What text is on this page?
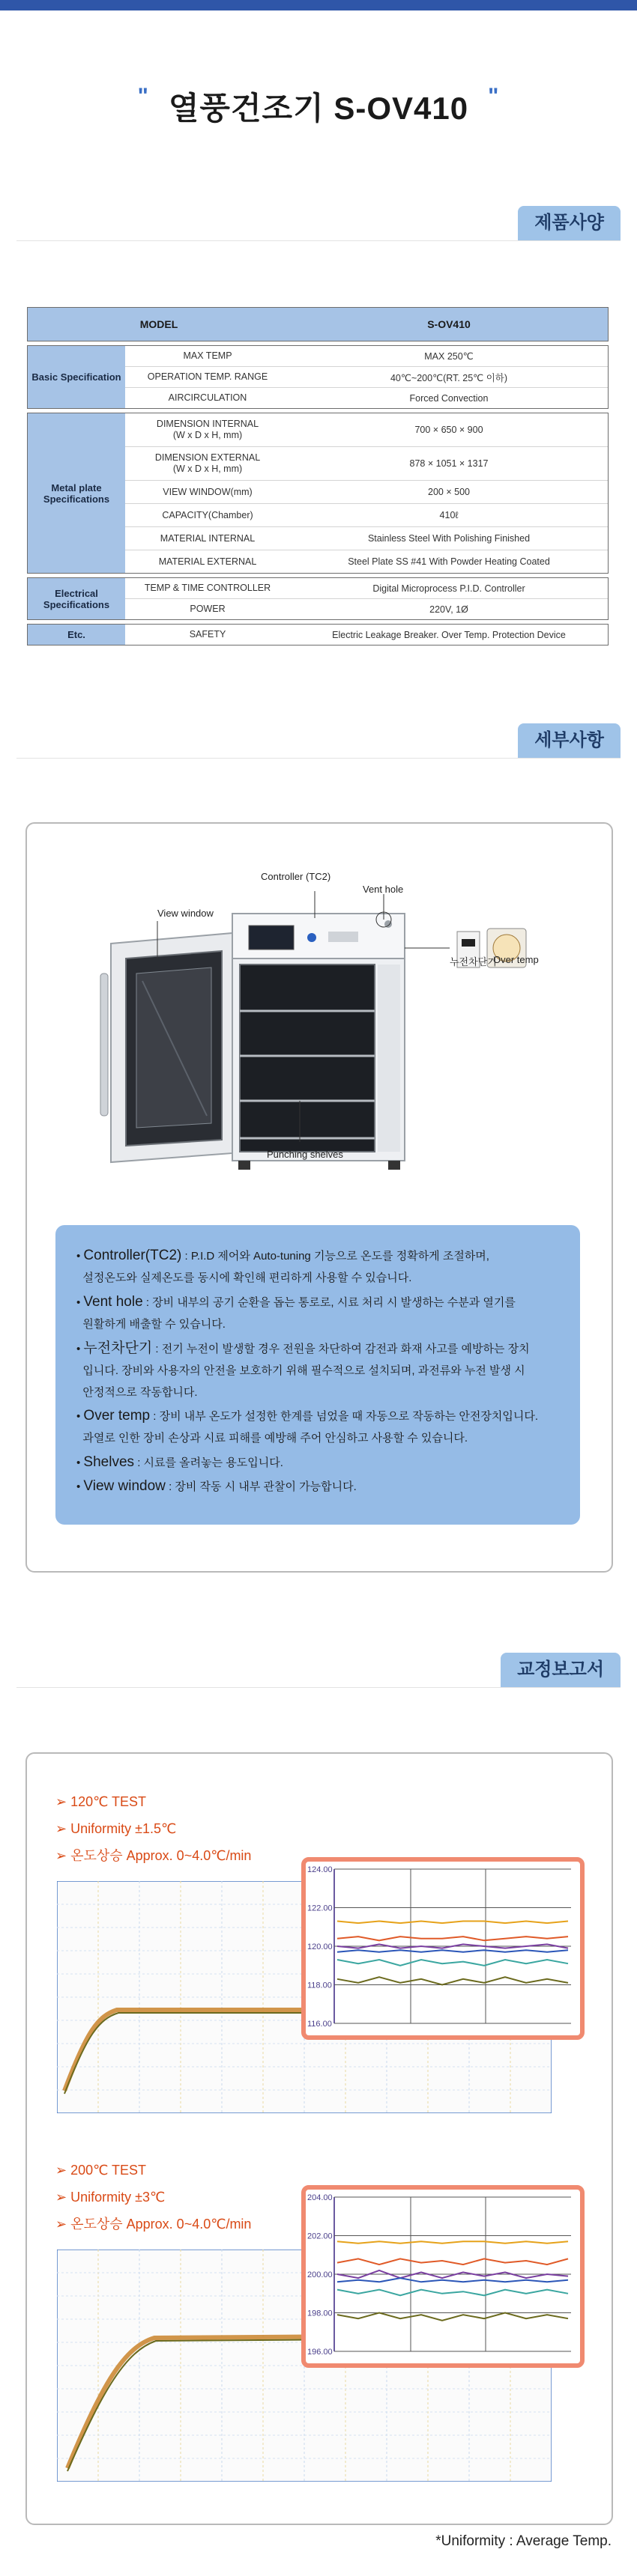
" 열풍건조기 S-OV410 "
제품사양
MODEL	S-OV410
Basic Specification
MAX TEMP	MAX 250℃
OPERATION TEMP. RANGE	40℃~200℃(RT. 25℃ 이하)
AIRCIRCULATION	Forced Convection
Metal plate Specifications
DIMENSION INTERNAL
(W x D x H, mm)	700 × 650 × 900
DIMENSION EXTERNAL
(W x D x H, mm)	878 × 1051 × 1317
VIEW WINDOW(mm)	200 × 500
CAPACITY(Chamber)	410ℓ
MATERIAL INTERNAL	Stainless Steel With Polishing Finished
MATERIAL EXTERNAL	Steel Plate SS #41 With Powder Heating Coated
Electrical Specifications
TEMP & TIME CONTROLLER	Digital Microprocess P.I.D. Controller
POWER	220V, 1Ø
Etc.	SAFETY	Electric Leakage Breaker. Over Temp. Protection Device
세부사항
Controller (TC2)
Vent hole
View window
누전차단기
Over temp
Punching shelves
• Controller(TC2) : P.I.D 제어와 Auto-tuning 기능으로 온도를 정확하게 조절하며,
설정온도와 실제온도를 동시에 확인해 편리하게 사용할 수 있습니다.
• Vent hole : 장비 내부의 공기 순환을 돕는 통로로, 시료 처리 시 발생하는 수분과 열기를
원활하게 배출할 수 있습니다.
• 누전차단기 : 전기 누전이 발생할 경우 전원을 차단하여 감전과 화재 사고를 예방하는 장치
입니다. 장비와 사용자의 안전을 보호하기 위해 필수적으로 설치되며, 과전류와 누전 발생 시
안정적으로 작동합니다.
• Over temp : 장비 내부 온도가 설정한 한계를 넘었을 때 자동으로 작동하는 안전장치입니다.
과열로 인한 장비 손상과 시료 피해를 예방해 주어 안심하고 사용할 수 있습니다.
• Shelves : 시료를 올려놓는 용도입니다.
• View window : 장비 작동 시 내부 관찰이 가능합니다.
교정보고서
➢ 120℃ TEST
➢ Uniformity ±1.5℃
➢ 온도상승 Approx. 0~4.0℃/min
➢ 200℃ TEST
➢ Uniformity ±3℃
➢ 온도상승 Approx. 0~4.0℃/min
124.00
122.00
120.00
118.00
116.00
204.00
202.00
200.00
198.00
196.00
*Uniformity : Average Temp.
